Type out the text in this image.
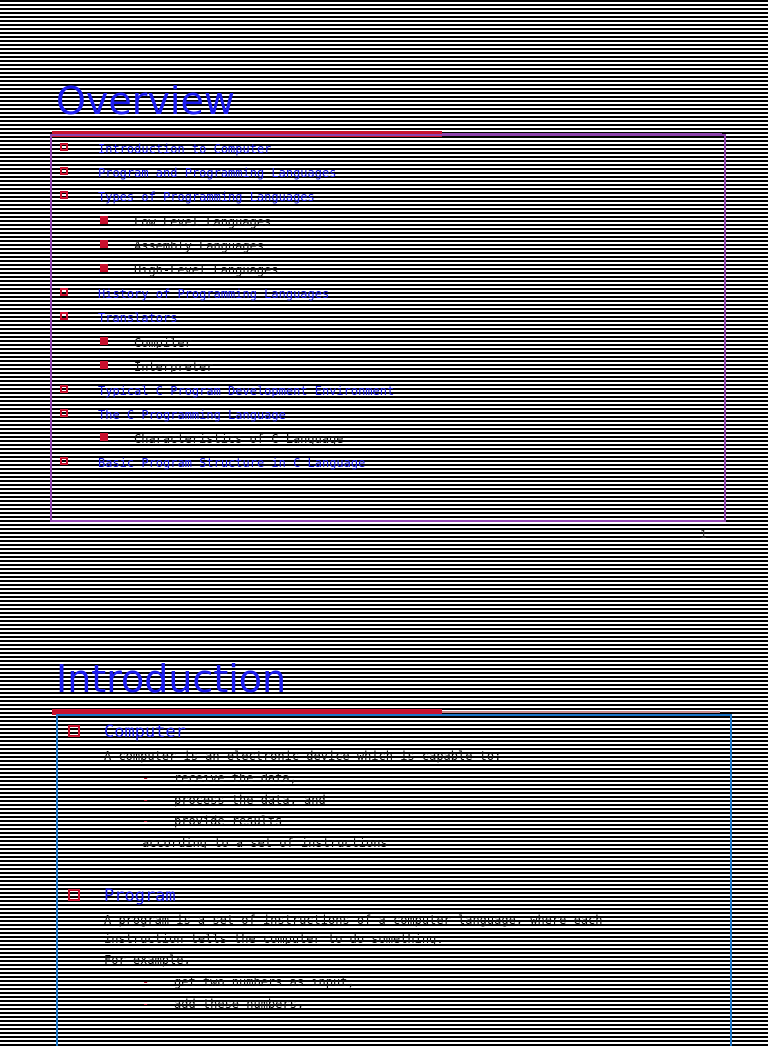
Overview
Introduction to Computer
Program and Programming Languages
Types of Programming Languages
Low Level Languages
Assembly Languages
High-Level Languages
History of Programming Languages
Translators
Compiler
Interpreter
Typical C Program Development Environment
The C Programming Language
Characteristics of C Language
Basic Program Structure in C Language
1
Introduction
Computer
A computer is an electronic device which is capable to:
- receive the data,
- process the data, and
- provide results
according to a set of instructions
Program
A program is a set of instructions of a computer language, where each
instruction tells the computer to do something.
For example,
- get two numbers as input,
- add these numbers,
